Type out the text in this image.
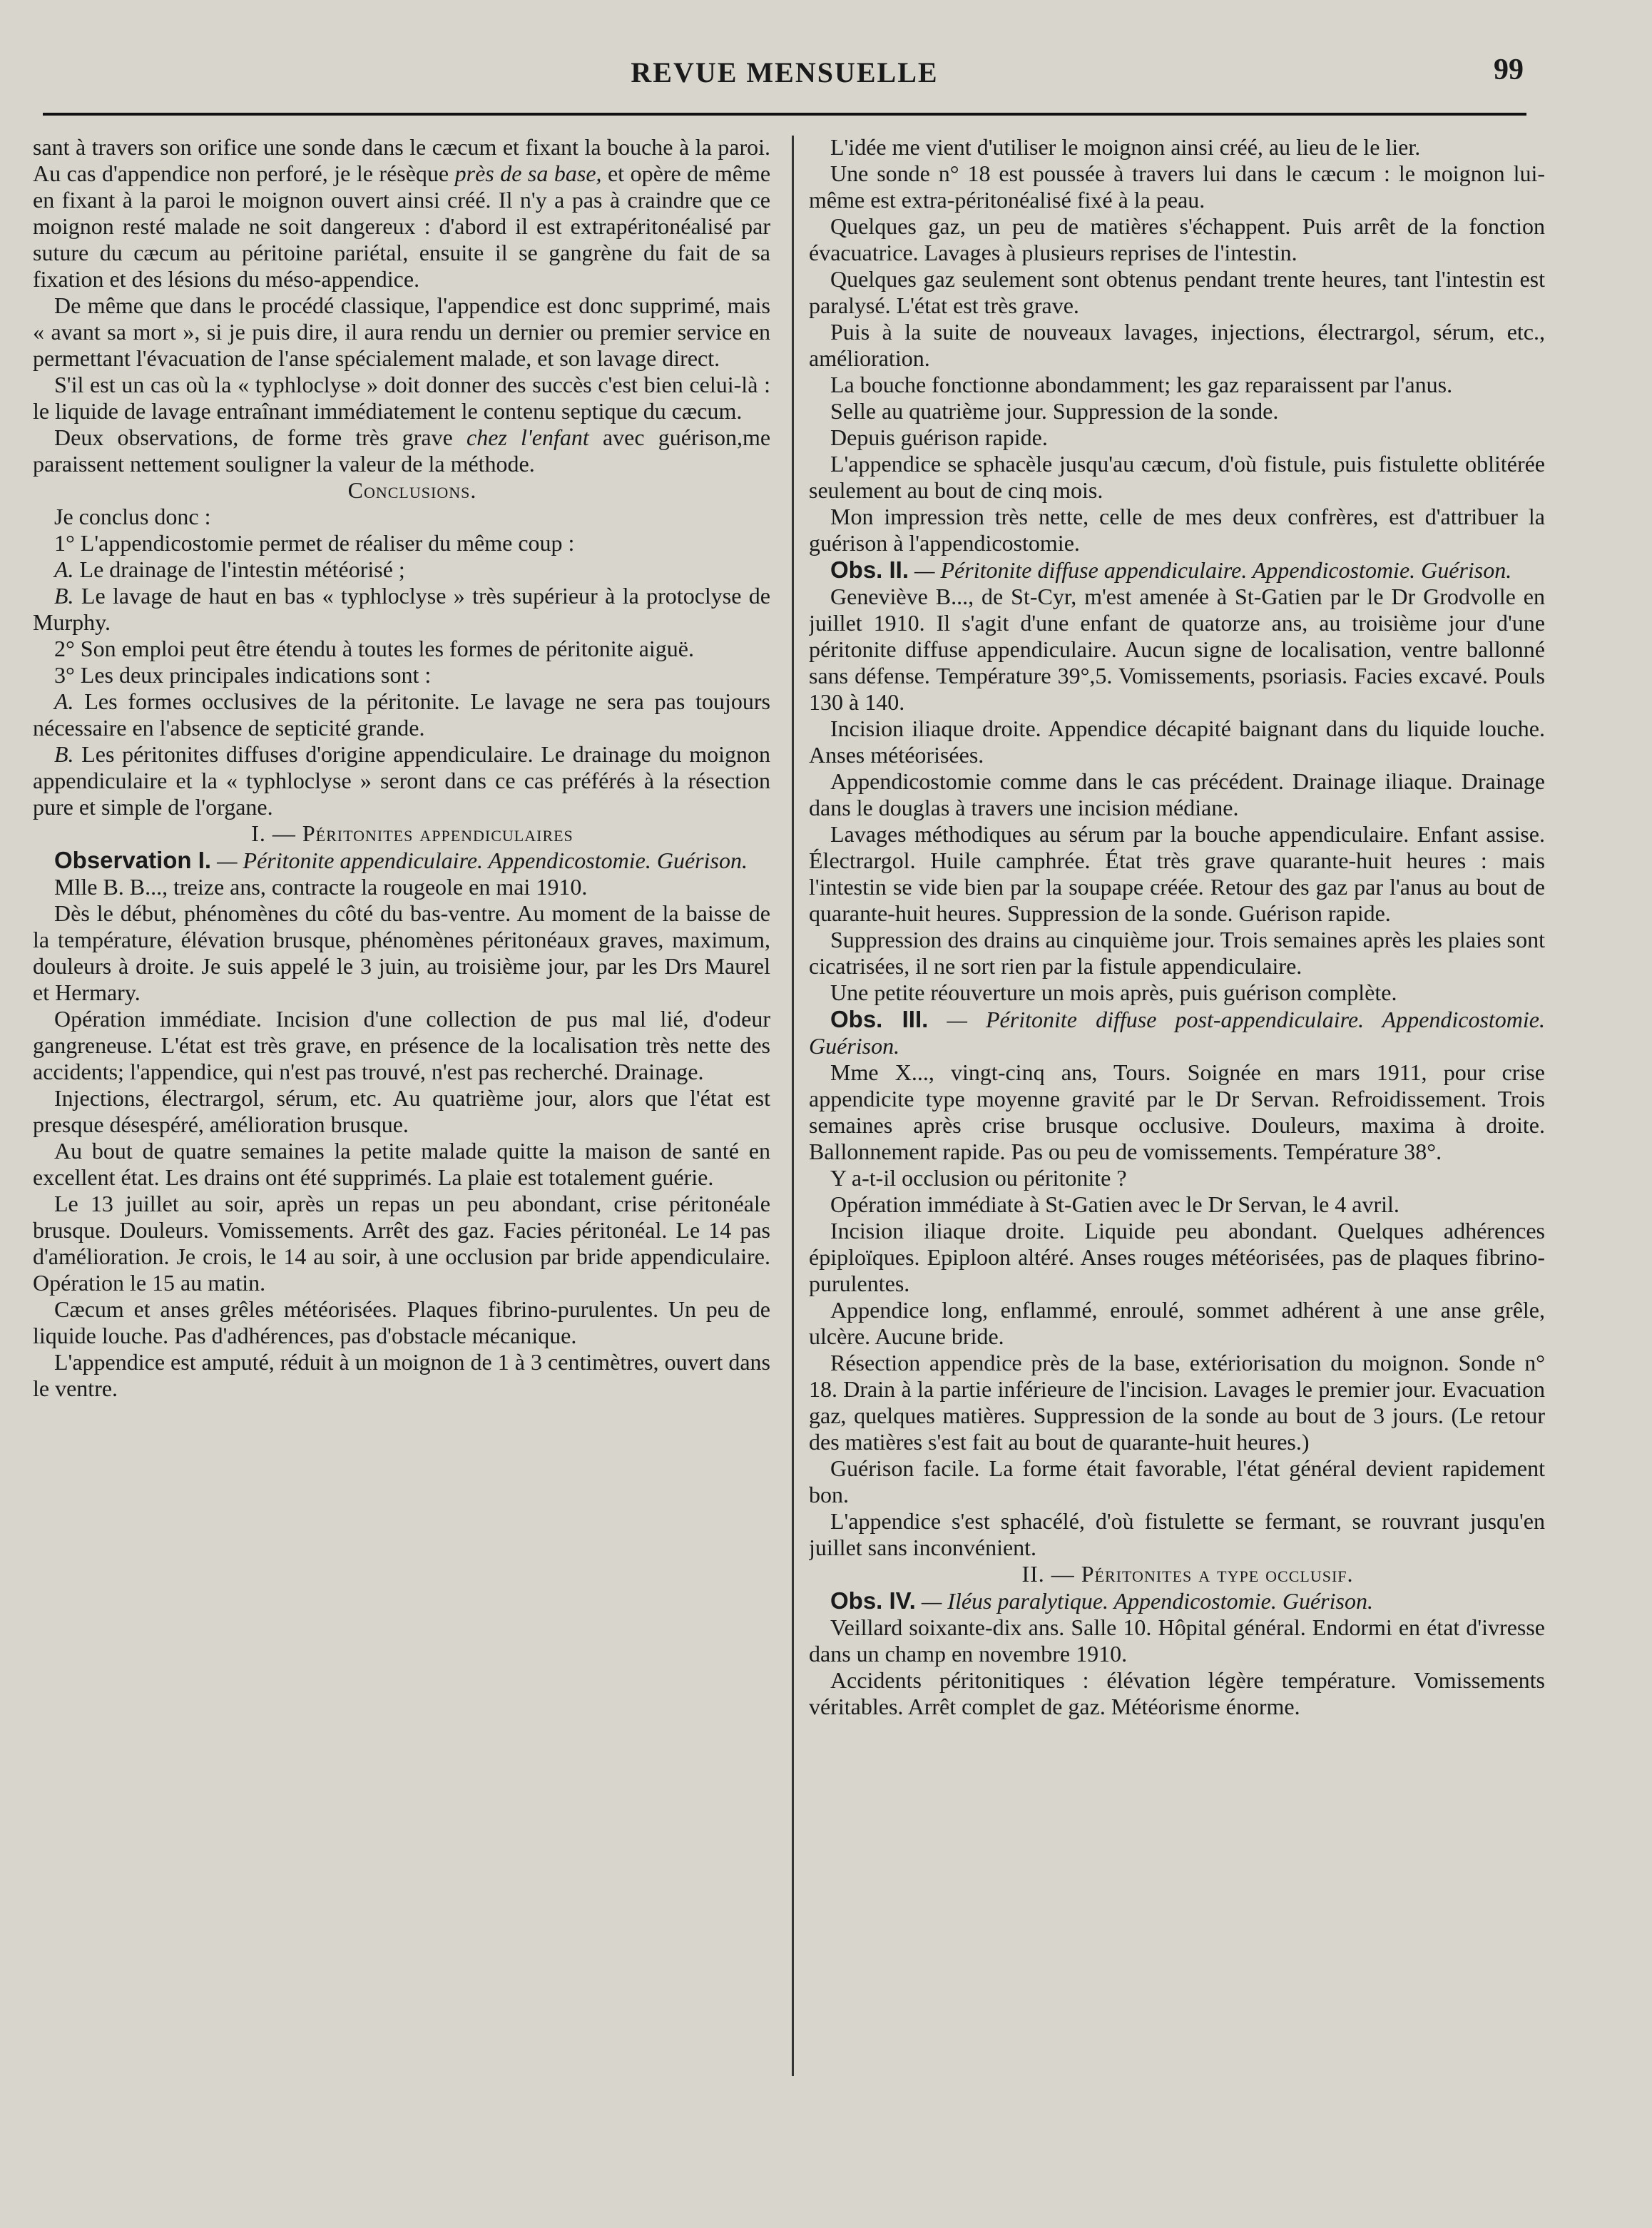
REVUE MENSUELLE	99

sant à travers son orifice une sonde dans le cæcum et fixant la bouche à la paroi. Au cas d'appendice non perforé, je le résèque près de sa base, et opère de même en fixant à la paroi le moignon ouvert ainsi créé. Il n'y a pas à craindre que ce moignon resté malade ne soit dangereux : d'abord il est extrapéritonéalisé par suture du cæcum au péritoine pariétal, ensuite il se gangrène du fait de sa fixation et des lésions du méso-appendice.

De même que dans le procédé classique, l'appendice est donc supprimé, mais « avant sa mort », si je puis dire, il aura rendu un dernier ou premier service en permettant l'évacuation de l'anse spécialement malade, et son lavage direct.

S'il est un cas où la « typhloclyse » doit donner des succès c'est bien celui-là : le liquide de lavage entraînant immédiatement le contenu septique du cæcum.

Deux observations, de forme très grave chez l'enfant avec guérison,me paraissent nettement souligner la valeur de la méthode.

Conclusions.

Je conclus donc :

1° L'appendicostomie permet de réaliser du même coup :

A. Le drainage de l'intestin météorisé ;

B. Le lavage de haut en bas « typhloclyse » très supérieur à la protoclyse de Murphy.

2° Son emploi peut être étendu à toutes les formes de péritonite aiguë.

3° Les deux principales indications sont :

A. Les formes occlusives de la péritonite. Le lavage ne sera pas toujours nécessaire en l'absence de septicité grande.

B. Les péritonites diffuses d'origine appendiculaire. Le drainage du moignon appendiculaire et la « typhloclyse » seront dans ce cas préférés à la résection pure et simple de l'organe.

I. — Péritonites appendiculaires

Observation I. — Péritonite appendiculaire. Appendicostomie. Guérison.

Mlle B. B..., treize ans, contracte la rougeole en mai 1910.

Dès le début, phénomènes du côté du bas-ventre. Au moment de la baisse de la température, élévation brusque, phénomènes péritonéaux graves, maximum, douleurs à droite. Je suis appelé le 3 juin, au troisième jour, par les Drs Maurel et Hermary.

Opération immédiate. Incision d'une collection de pus mal lié, d'odeur gangreneuse. L'état est très grave, en présence de la localisation très nette des accidents; l'appendice, qui n'est pas trouvé, n'est pas recherché. Drainage.

Injections, électrargol, sérum, etc. Au quatrième jour, alors que l'état est presque désespéré, amélioration brusque.

Au bout de quatre semaines la petite malade quitte la maison de santé en excellent état. Les drains ont été supprimés. La plaie est totalement guérie.

Le 13 juillet au soir, après un repas un peu abondant, crise péritonéale brusque. Douleurs. Vomissements. Arrêt des gaz. Facies péritonéal. Le 14 pas d'amélioration. Je crois, le 14 au soir, à une occlusion par bride appendiculaire. Opération le 15 au matin.

Cæcum et anses grêles météorisées. Plaques fibrino-purulentes. Un peu de liquide louche. Pas d'adhérences, pas d'obstacle mécanique.

L'appendice est amputé, réduit à un moignon de 1 à 3 centimètres, ouvert dans le ventre.

L'idée me vient d'utiliser le moignon ainsi créé, au lieu de le lier.

Une sonde n° 18 est poussée à travers lui dans le cæcum : le moignon lui-même est extra-péritonéalisé fixé à la peau.

Quelques gaz, un peu de matières s'échappent. Puis arrêt de la fonction évacuatrice. Lavages à plusieurs reprises de l'intestin.

Quelques gaz seulement sont obtenus pendant trente heures, tant l'intestin est paralysé. L'état est très grave.

Puis à la suite de nouveaux lavages, injections, électrargol, sérum, etc., amélioration.

La bouche fonctionne abondamment; les gaz reparaissent par l'anus.

Selle au quatrième jour. Suppression de la sonde.

Depuis guérison rapide.

L'appendice se sphacèle jusqu'au cæcum, d'où fistule, puis fistulette oblitérée seulement au bout de cinq mois.

Mon impression très nette, celle de mes deux confrères, est d'attribuer la guérison à l'appendicostomie.

Obs. II. — Péritonite diffuse appendiculaire. Appendicostomie. Guérison.

Geneviève B..., de St-Cyr, m'est amenée à St-Gatien par le Dr Grodvolle en juillet 1910. Il s'agit d'une enfant de quatorze ans, au troisième jour d'une péritonite diffuse appendiculaire. Aucun signe de localisation, ventre ballonné sans défense. Température 39°,5. Vomissements, psoriasis. Facies excavé. Pouls 130 à 140.

Incision iliaque droite. Appendice décapité baignant dans du liquide louche. Anses météorisées.

Appendicostomie comme dans le cas précédent. Drainage iliaque. Drainage dans le douglas à travers une incision médiane.

Lavages méthodiques au sérum par la bouche appendiculaire. Enfant assise. Électrargol. Huile camphrée. État très grave quarante-huit heures : mais l'intestin se vide bien par la soupape créée. Retour des gaz par l'anus au bout de quarante-huit heures. Suppression de la sonde. Guérison rapide.

Suppression des drains au cinquième jour. Trois semaines après les plaies sont cicatrisées, il ne sort rien par la fistule appendiculaire.

Une petite réouverture un mois après, puis guérison complète.

Obs. III. — Péritonite diffuse post-appendiculaire. Appendicostomie. Guérison.

Mme X..., vingt-cinq ans, Tours. Soignée en mars 1911, pour crise appendicite type moyenne gravité par le Dr Servan. Refroidissement. Trois semaines après crise brusque occlusive. Douleurs, maxima à droite. Ballonnement rapide. Pas ou peu de vomissements. Température 38°.

Y a-t-il occlusion ou péritonite ?

Opération immédiate à St-Gatien avec le Dr Servan, le 4 avril.

Incision iliaque droite. Liquide peu abondant. Quelques adhérences épiploïques. Epiploon altéré. Anses rouges météorisées, pas de plaques fibrino-purulentes.

Appendice long, enflammé, enroulé, sommet adhérent à une anse grêle, ulcère. Aucune bride.

Résection appendice près de la base, extériorisation du moignon. Sonde n° 18. Drain à la partie inférieure de l'incision. Lavages le premier jour. Evacuation gaz, quelques matières. Suppression de la sonde au bout de 3 jours. (Le retour des matières s'est fait au bout de quarante-huit heures.)

Guérison facile. La forme était favorable, l'état général devient rapidement bon.

L'appendice s'est sphacélé, d'où fistulette se fermant, se rouvrant jusqu'en juillet sans inconvénient.

II. — Péritonites a type occlusif.

Obs. IV. — Iléus paralytique. Appendicostomie. Guérison.

Veillard soixante-dix ans. Salle 10. Hôpital général. Endormi en état d'ivresse dans un champ en novembre 1910.

Accidents péritonitiques : élévation légère température. Vomissements véritables. Arrêt complet de gaz. Météorisme énorme.
